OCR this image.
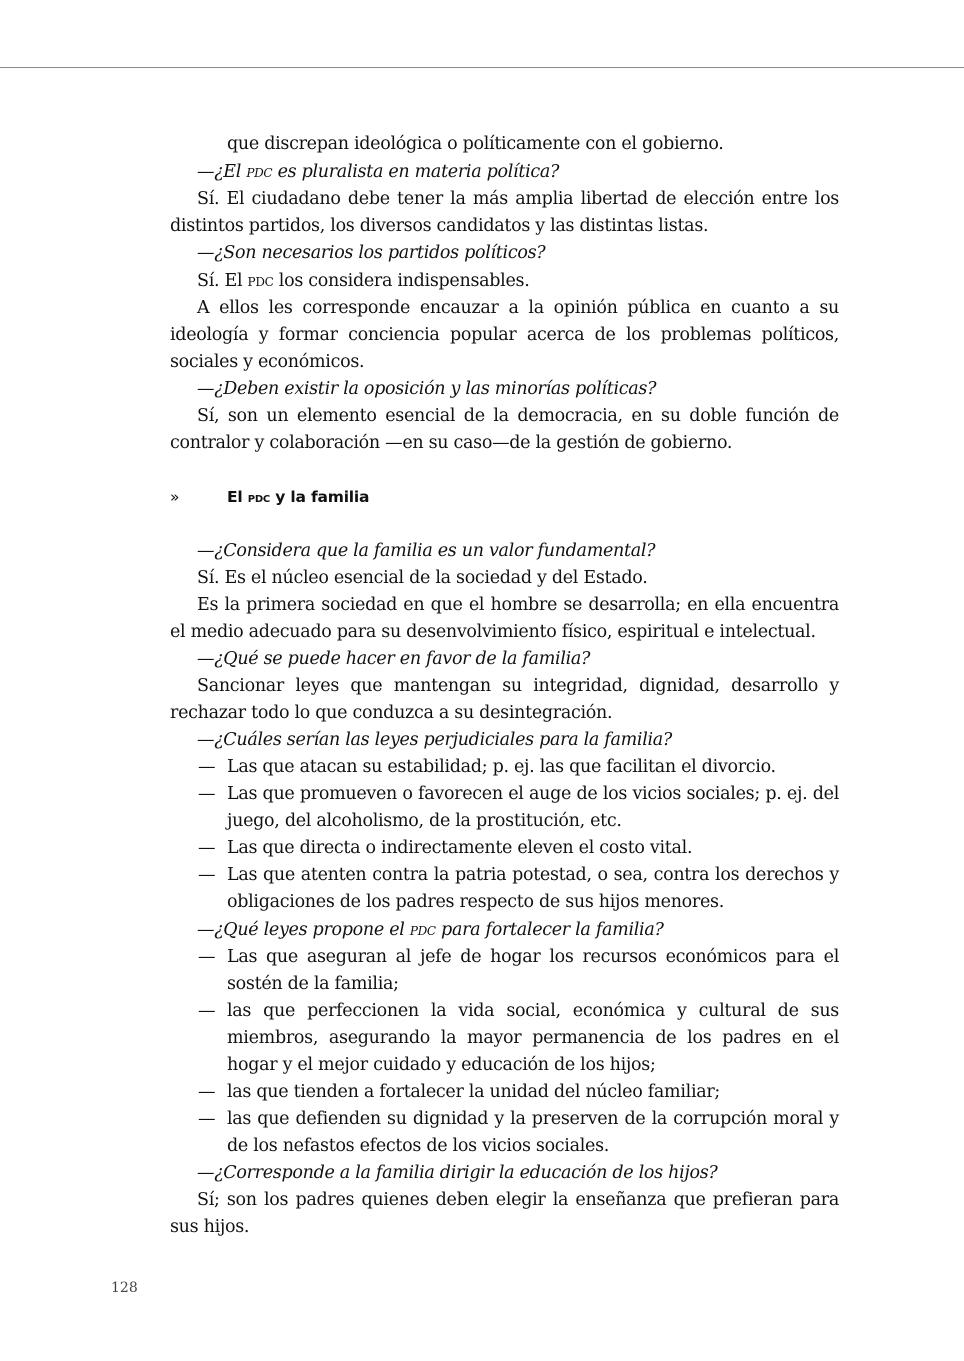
que discrepan ideológica o políticamente con el gobierno.

—¿El pdc es pluralista en materia política?

Sí. El ciudadano debe tener la más amplia libertad de elección entre los distintos partidos, los diversos candidatos y las distintas listas.

—¿Son necesarios los partidos políticos?

Sí. El pdc los considera indispensables.

A ellos les corresponde encauzar a la opinión pública en cuanto a su ideología y formar conciencia popular acerca de los problemas políticos, sociales y económicos.

—¿Deben existir la oposición y las minorías políticas?

Sí, son un elemento esencial de la democracia, en su doble función de contralor y colaboración —en su caso—de la gestión de gobierno.

»	El pdc y la familia

—¿Considera que la familia es un valor fundamental?

Sí. Es el núcleo esencial de la sociedad y del Estado.

Es la primera sociedad en que el hombre se desarrolla; en ella encuentra el medio adecuado para su desenvolvimiento físico, espiritual e intelectual.

—¿Qué se puede hacer en favor de la familia?

Sancionar leyes que mantengan su integridad, dignidad, desarrollo y rechazar todo lo que conduzca a su desintegración.

—¿Cuáles serían las leyes perjudiciales para la familia?

— Las que atacan su estabilidad; p. ej. las que facilitan el divorcio.

— Las que promueven o favorecen el auge de los vicios sociales; p. ej. del juego, del alcoholismo, de la prostitución, etc.

— Las que directa o indirectamente eleven el costo vital.

— Las que atenten contra la patria potestad, o sea, contra los derechos y obligaciones de los padres respecto de sus hijos menores.

—¿Qué leyes propone el pdc para fortalecer la familia?

— Las que aseguran al jefe de hogar los recursos económicos para el sostén de la familia;

— las que perfeccionen la vida social, económica y cultural de sus miembros, asegurando la mayor permanencia de los padres en el hogar y el mejor cuidado y educación de los hijos;

— las que tienden a fortalecer la unidad del núcleo familiar;

— las que defienden su dignidad y la preserven de la corrupción moral y de los nefastos efectos de los vicios sociales.

—¿Corresponde a la familia dirigir la educación de los hijos?

Sí; son los padres quienes deben elegir la enseñanza que prefieran para sus hijos.

128
